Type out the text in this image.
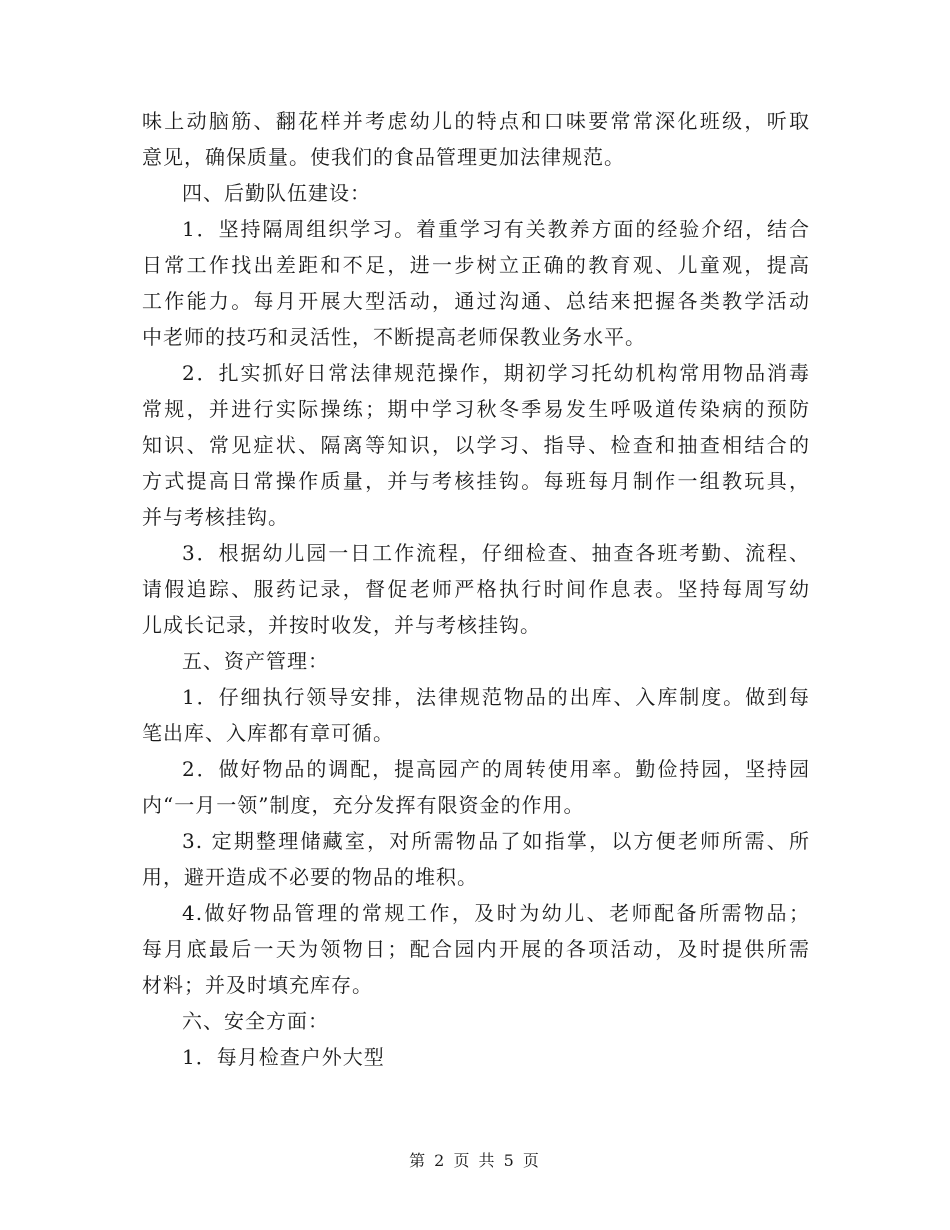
味上动脑筋、翻花样并考虑幼儿的特点和口味要常常深化班级，听取
意见，确保质量。使我们的食品管理更加法律规范。
四、后勤队伍建设：
1．坚持隔周组织学习。着重学习有关教养方面的经验介绍，结合
日常工作找出差距和不足，进一步树立正确的教育观、儿童观，提高
工作能力。每月开展大型活动，通过沟通、总结来把握各类教学活动
中老师的技巧和灵活性，不断提高老师保教业务水平。
2．扎实抓好日常法律规范操作，期初学习托幼机构常用物品消毒
常规，并进行实际操练；期中学习秋冬季易发生呼吸道传染病的预防
知识、常见症状、隔离等知识，以学习、指导、检查和抽查相结合的
方式提高日常操作质量，并与考核挂钩。每班每月制作一组教玩具，
并与考核挂钩。
3．根据幼儿园一日工作流程，仔细检查、抽查各班考勤、流程、
请假追踪、服药记录，督促老师严格执行时间作息表。坚持每周写幼
儿成长记录，并按时收发，并与考核挂钩。
五、资产管理：
1．仔细执行领导安排，法律规范物品的出库、入库制度。做到每
笔出库、入库都有章可循。
2．做好物品的调配，提高园产的周转使用率。勤俭持园，坚持园
内“一月一领”制度，充分发挥有限资金的作用。
3. 定期整理储藏室，对所需物品了如指掌，以方便老师所需、所
用，避开造成不必要的物品的堆积。
4.做好物品管理的常规工作，及时为幼儿、老师配备所需物品；
每月底最后一天为领物日；配合园内开展的各项活动，及时提供所需
材料；并及时填充库存。
六、安全方面：
1．每月检查户外大型
第 2 页 共 5 页
